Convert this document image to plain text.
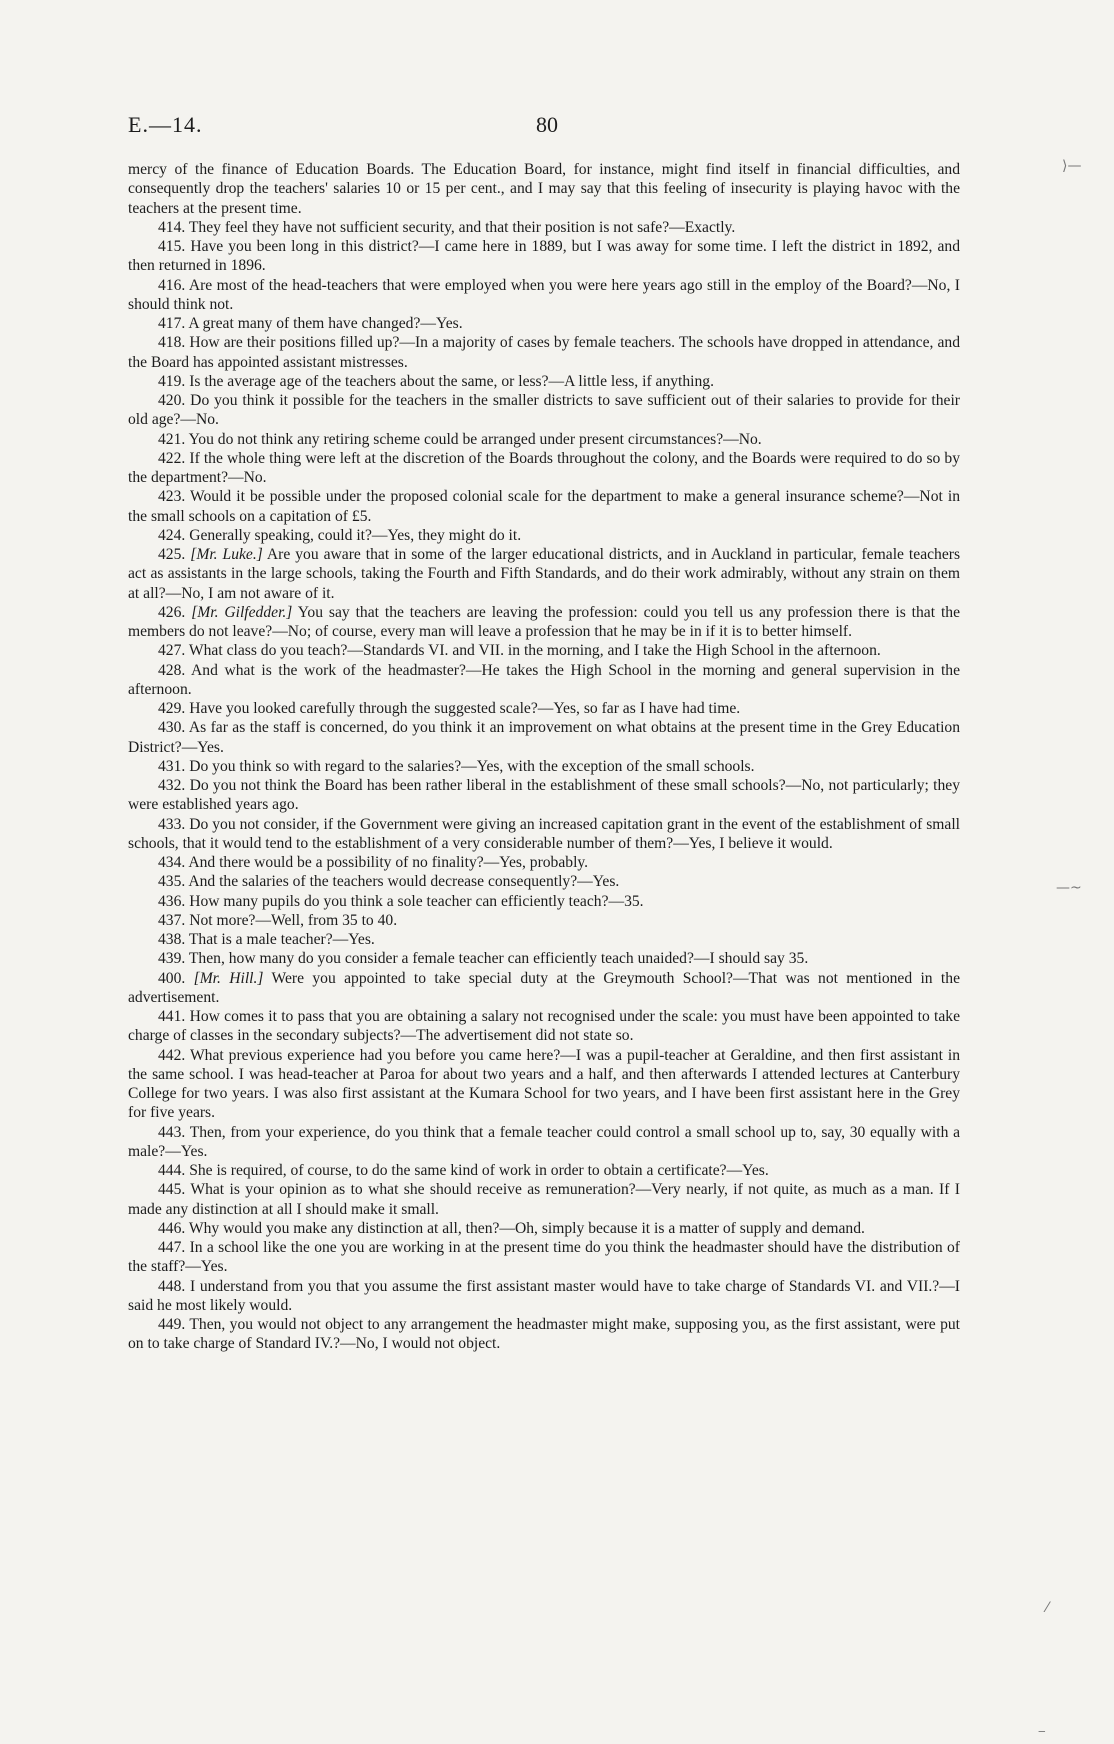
E.—14.	80

mercy of the finance of Education Boards. The Education Board, for instance, might find itself in financial difficulties, and consequently drop the teachers' salaries 10 or 15 per cent., and I may say that this feeling of insecurity is playing havoc with the teachers at the present time.

414. They feel they have not sufficient security, and that their position is not safe?—Exactly.

415. Have you been long in this district?—I came here in 1889, but I was away for some time. I left the district in 1892, and then returned in 1896.

416. Are most of the head-teachers that were employed when you were here years ago still in the employ of the Board?—No, I should think not.

417. A great many of them have changed?—Yes.

418. How are their positions filled up?—In a majority of cases by female teachers. The schools have dropped in attendance, and the Board has appointed assistant mistresses.

419. Is the average age of the teachers about the same, or less?—A little less, if anything.

420. Do you think it possible for the teachers in the smaller districts to save sufficient out of their salaries to provide for their old age?—No.

421. You do not think any retiring scheme could be arranged under present circumstances?—No.

422. If the whole thing were left at the discretion of the Boards throughout the colony, and the Boards were required to do so by the department?—No.

423. Would it be possible under the proposed colonial scale for the department to make a general insurance scheme?—Not in the small schools on a capitation of £5.

424. Generally speaking, could it?—Yes, they might do it.

425. [Mr. Luke.] Are you aware that in some of the larger educational districts, and in Auckland in particular, female teachers act as assistants in the large schools, taking the Fourth and Fifth Standards, and do their work admirably, without any strain on them at all?—No, I am not aware of it.

426. [Mr. Gilfedder.] You say that the teachers are leaving the profession: could you tell us any profession there is that the members do not leave?—No; of course, every man will leave a profession that he may be in if it is to better himself.

427. What class do you teach?—Standards VI. and VII. in the morning, and I take the High School in the afternoon.

428. And what is the work of the headmaster?—He takes the High School in the morning and general supervision in the afternoon.

429. Have you looked carefully through the suggested scale?—Yes, so far as I have had time.

430. As far as the staff is concerned, do you think it an improvement on what obtains at the present time in the Grey Education District?—Yes.

431. Do you think so with regard to the salaries?—Yes, with the exception of the small schools.

432. Do you not think the Board has been rather liberal in the establishment of these small schools?—No, not particularly; they were established years ago.

433. Do you not consider, if the Government were giving an increased capitation grant in the event of the establishment of small schools, that it would tend to the establishment of a very considerable number of them?—Yes, I believe it would.

434. And there would be a possibility of no finality?—Yes, probably.

435. And the salaries of the teachers would decrease consequently?—Yes.

436. How many pupils do you think a sole teacher can efficiently teach?—35.

437. Not more?—Well, from 35 to 40.

438. That is a male teacher?—Yes.

439. Then, how many do you consider a female teacher can efficiently teach unaided?—I should say 35.

400. [Mr. Hill.] Were you appointed to take special duty at the Greymouth School?—That was not mentioned in the advertisement.

441. How comes it to pass that you are obtaining a salary not recognised under the scale: you must have been appointed to take charge of classes in the secondary subjects?—The advertisement did not state so.

442. What previous experience had you before you came here?—I was a pupil-teacher at Geraldine, and then first assistant in the same school. I was head-teacher at Paroa for about two years and a half, and then afterwards I attended lectures at Canterbury College for two years. I was also first assistant at the Kumara School for two years, and I have been first assistant here in the Grey for five years.

443. Then, from your experience, do you think that a female teacher could control a small school up to, say, 30 equally with a male?—Yes.

444. She is required, of course, to do the same kind of work in order to obtain a certificate?—Yes.

445. What is your opinion as to what she should receive as remuneration?—Very nearly, if not quite, as much as a man. If I made any distinction at all I should make it small.

446. Why would you make any distinction at all, then?—Oh, simply because it is a matter of supply and demand.

447. In a school like the one you are working in at the present time do you think the headmaster should have the distribution of the staff?—Yes.

448. I understand from you that you assume the first assistant master would have to take charge of Standards VI. and VII.?—I said he most likely would.

449. Then, you would not object to any arrangement the headmaster might make, supposing you, as the first assistant, were put on to take charge of Standard IV.?—No, I would not object.

⟩—
—~
⁄
‒
